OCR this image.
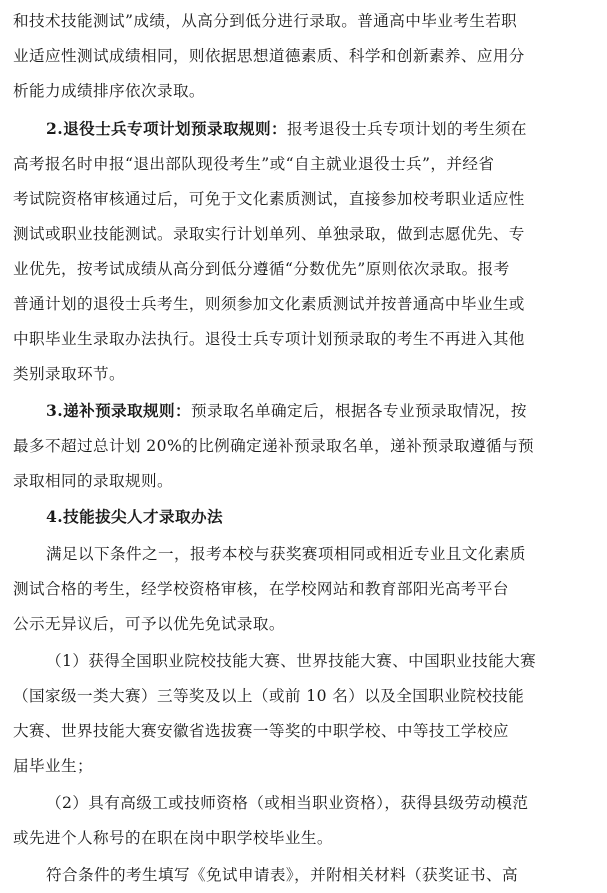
和技术技能测试”成绩，从高分到低分进行录取。普通高中毕业考生若职
业适应性测试成绩相同，则依据思想道德素质、科学和创新素养、应用分
析能力成绩排序依次录取。
2.退役士兵专项计划预录取规则：报考退役士兵专项计划的考生须在
高考报名时申报“退出部队现役考生”或“自主就业退役士兵”，并经省
考试院资格审核通过后，可免于文化素质测试，直接参加校考职业适应性
测试或职业技能测试。录取实行计划单列、单独录取，做到志愿优先、专
业优先，按考试成绩从高分到低分遵循“分数优先”原则依次录取。报考
普通计划的退役士兵考生，则须参加文化素质测试并按普通高中毕业生或
中职毕业生录取办法执行。退役士兵专项计划预录取的考生不再进入其他
类别录取环节。
3.递补预录取规则：预录取名单确定后，根据各专业预录取情况，按
最多不超过总计划 20%的比例确定递补预录取名单，递补预录取遵循与预
录取相同的录取规则。
4.技能拔尖人才录取办法
满足以下条件之一，报考本校与获奖赛项相同或相近专业且文化素质
测试合格的考生，经学校资格审核，在学校网站和教育部阳光高考平台
公示无异议后，可予以优先免试录取。
（1）获得全国职业院校技能大赛、世界技能大赛、中国职业技能大赛
（国家级一类大赛）三等奖及以上（或前 10 名）以及全国职业院校技能
大赛、世界技能大赛安徽省选拔赛一等奖的中职学校、中等技工学校应
届毕业生；
（2）具有高级工或技师资格（或相当职业资格），获得县级劳动模范
或先进个人称号的在职在岗中职学校毕业生。
符合条件的考生填写《免试申请表》，并附相关材料（获奖证书、高
